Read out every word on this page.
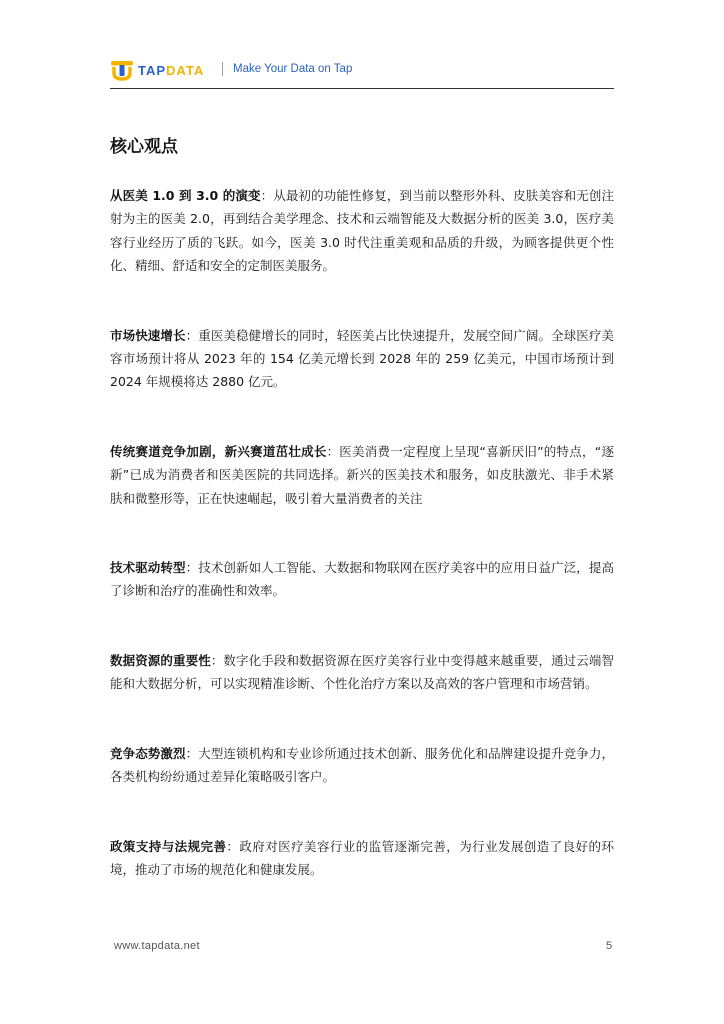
TAPDATA	Make Your Data on Tap
核心观点

从医美 1.0 到 3.0 的演变：从最初的功能性修复，到当前以整形外科、皮肤美容和无创注射为主的医美 2.0，再到结合美学理念、技术和云端智能及大数据分析的医美 3.0，医疗美容行业经历了质的飞跃。如今，医美 3.0 时代注重美观和品质的升级，为顾客提供更个性化、精细、舒适和安全的定制医美服务。

市场快速增长：重医美稳健增长的同时，轻医美占比快速提升，发展空间广阔。全球医疗美容市场预计将从 2023 年的 154 亿美元增长到 2028 年的 259 亿美元，中国市场预计到 2024 年规模将达 2880 亿元。

传统赛道竞争加剧，新兴赛道茁壮成长：医美消费一定程度上呈现“喜新厌旧”的特点，“逐新”已成为消费者和医美医院的共同选择。新兴的医美技术和服务，如皮肤激光、非手术紧肤和微整形等，正在快速崛起，吸引着大量消费者的关注

技术驱动转型：技术创新如人工智能、大数据和物联网在医疗美容中的应用日益广泛，提高了诊断和治疗的准确性和效率。

数据资源的重要性：数字化手段和数据资源在医疗美容行业中变得越来越重要，通过云端智能和大数据分析，可以实现精准诊断、个性化治疗方案以及高效的客户管理和市场营销。

竞争态势激烈：大型连锁机构和专业诊所通过技术创新、服务优化和品牌建设提升竞争力，各类机构纷纷通过差异化策略吸引客户。

政策支持与法规完善：政府对医疗美容行业的监管逐渐完善，为行业发展创造了良好的环境，推动了市场的规范化和健康发展。

www.tapdata.net	5
